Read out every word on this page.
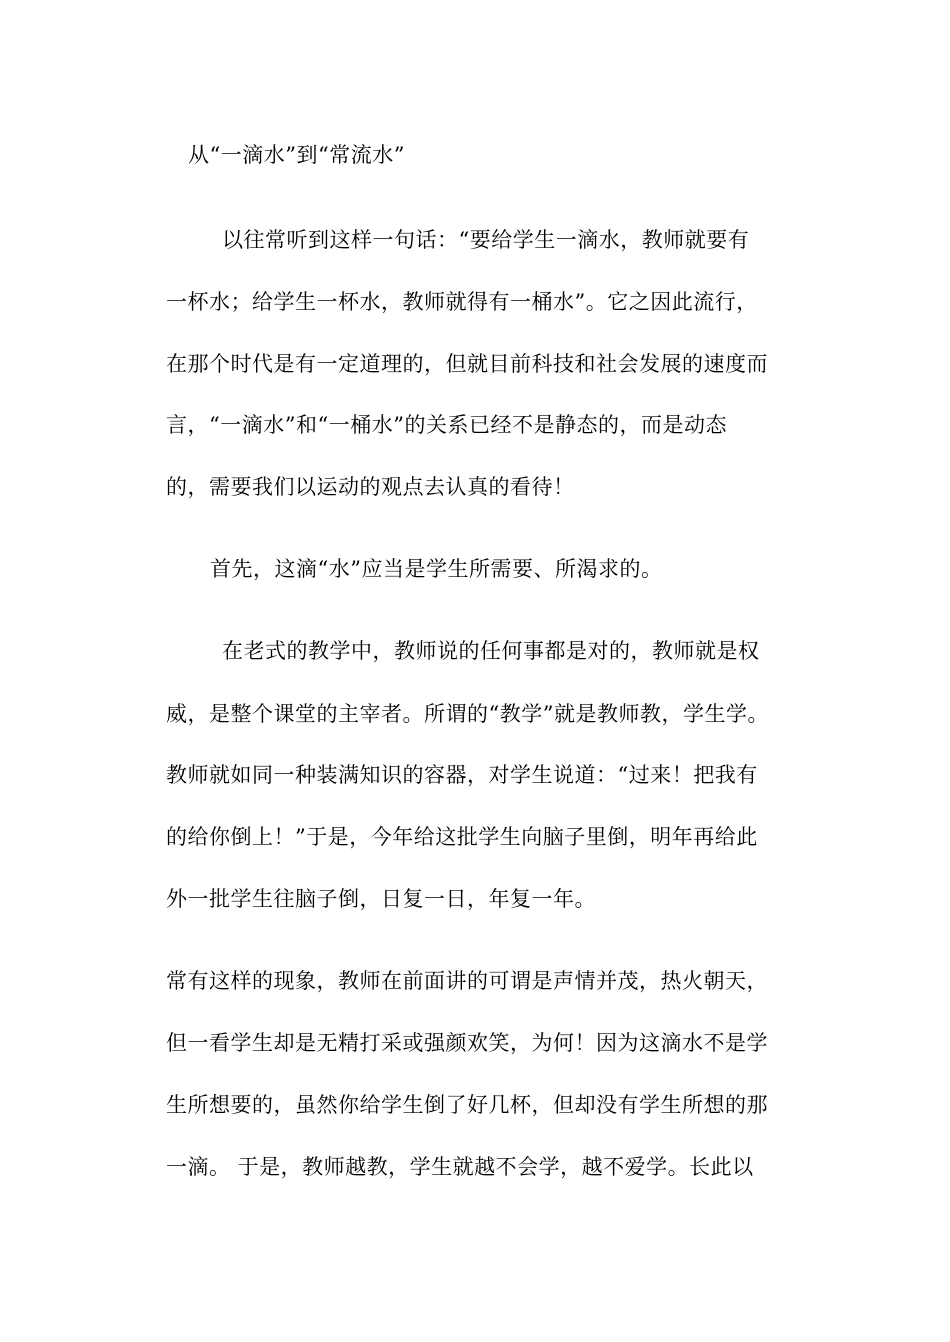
从“一滴水”到“常流水”
以往常听到这样一句话：“要给学生一滴水，教师就要有
一杯水；给学生一杯水，教师就得有一桶水”。它之因此流行，
在那个时代是有一定道理的，但就目前科技和社会发展的速度而
言，“一滴水”和“一桶水”的关系已经不是静态的，而是动态
的，需要我们以运动的观点去认真的看待！
首先，这滴“水”应当是学生所需要、所渴求的。
在老式的教学中，教师说的任何事都是对的，教师就是权
威，是整个课堂的主宰者。所谓的“教学”就是教师教，学生学。
教师就如同一种装满知识的容器，对学生说道：“过来！把我有
的给你倒上！”于是，今年给这批学生向脑子里倒，明年再给此
外一批学生往脑子倒，日复一日，年复一年。
常有这样的现象，教师在前面讲的可谓是声情并茂，热火朝天，
但一看学生却是无精打采或强颜欢笑，为何！因为这滴水不是学
生所想要的，虽然你给学生倒了好几杯，但却没有学生所想的那
一滴。 于是，教师越教，学生就越不会学，越不爱学。长此以
